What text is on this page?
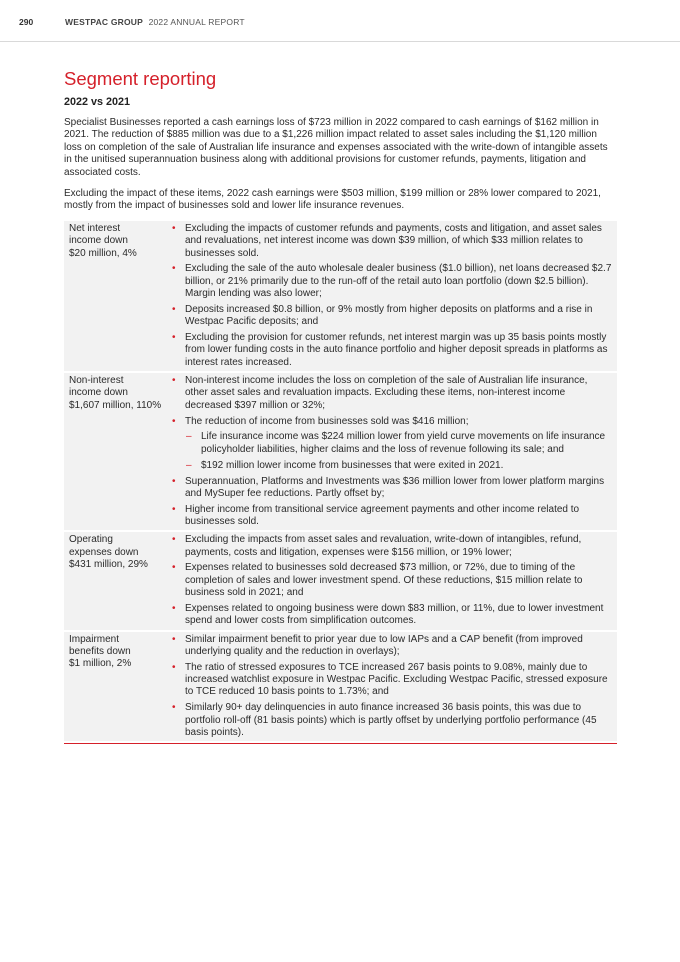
290	WESTPAC GROUP 2022 ANNUAL REPORT
Segment reporting
2022 vs 2021

Specialist Businesses reported a cash earnings loss of $723 million in 2022 compared to cash earnings of $162 million in 2021. The reduction of $885 million was due to a $1,226 million impact related to asset sales including the $1,120 million loss on completion of the sale of Australian life insurance and expenses associated with the write-down of intangible assets in the unitised superannuation business along with additional provisions for customer refunds, payments, litigation and associated costs.

Excluding the impact of these items, 2022 cash earnings were $503 million, $199 million or 28% lower compared to 2021, mostly from the impact of businesses sold and lower life insurance revenues.

Net interest
income down
$20 million, 4%
• Excluding the impacts of customer refunds and payments, costs and litigation, and asset sales and revaluations, net interest income was down $39 million, of which $33 million relates to businesses sold.
• Excluding the sale of the auto wholesale dealer business ($1.0 billion), net loans decreased $2.7 billion, or 21% primarily due to the run-off of the retail auto loan portfolio (down $2.5 billion). Margin lending was also lower;
• Deposits increased $0.8 billion, or 9% mostly from higher deposits on platforms and a rise in Westpac Pacific deposits; and
• Excluding the provision for customer refunds, net interest margin was up 35 basis points mostly from lower funding costs in the auto finance portfolio and higher deposit spreads in platforms as interest rates increased.
Non-interest
income down
$1,607 million, 110%
• Non-interest income includes the loss on completion of the sale of Australian life insurance, other asset sales and revaluation impacts. Excluding these items, non-interest income decreased $397 million or 32%;
• The reduction of income from businesses sold was $416 million;
– Life insurance income was $224 million lower from yield curve movements on life insurance policyholder liabilities, higher claims and the loss of revenue following its sale; and
– $192 million lower income from businesses that were exited in 2021.
• Superannuation, Platforms and Investments was $36 million lower from lower platform margins and MySuper fee reductions. Partly offset by;
• Higher income from transitional service agreement payments and other income related to businesses sold.
Operating
expenses down
$431 million, 29%
• Excluding the impacts from asset sales and revaluation, write-down of intangibles, refund, payments, costs and litigation, expenses were $156 million, or 19% lower;
• Expenses related to businesses sold decreased $73 million, or 72%, due to timing of the completion of sales and lower investment spend. Of these reductions, $15 million relate to business sold in 2021; and
• Expenses related to ongoing business were down $83 million, or 11%, due to lower investment spend and lower costs from simplification outcomes.
Impairment
benefits down
$1 million, 2%
• Similar impairment benefit to prior year due to low IAPs and a CAP benefit (from improved underlying quality and the reduction in overlays);
• The ratio of stressed exposures to TCE increased 267 basis points to 9.08%, mainly due to increased watchlist exposure in Westpac Pacific. Excluding Westpac Pacific, stressed exposure to TCE reduced 10 basis points to 1.73%; and
• Similarly 90+ day delinquencies in auto finance increased 36 basis points, this was due to portfolio roll-off (81 basis points) which is partly offset by underlying portfolio performance (45 basis points).
